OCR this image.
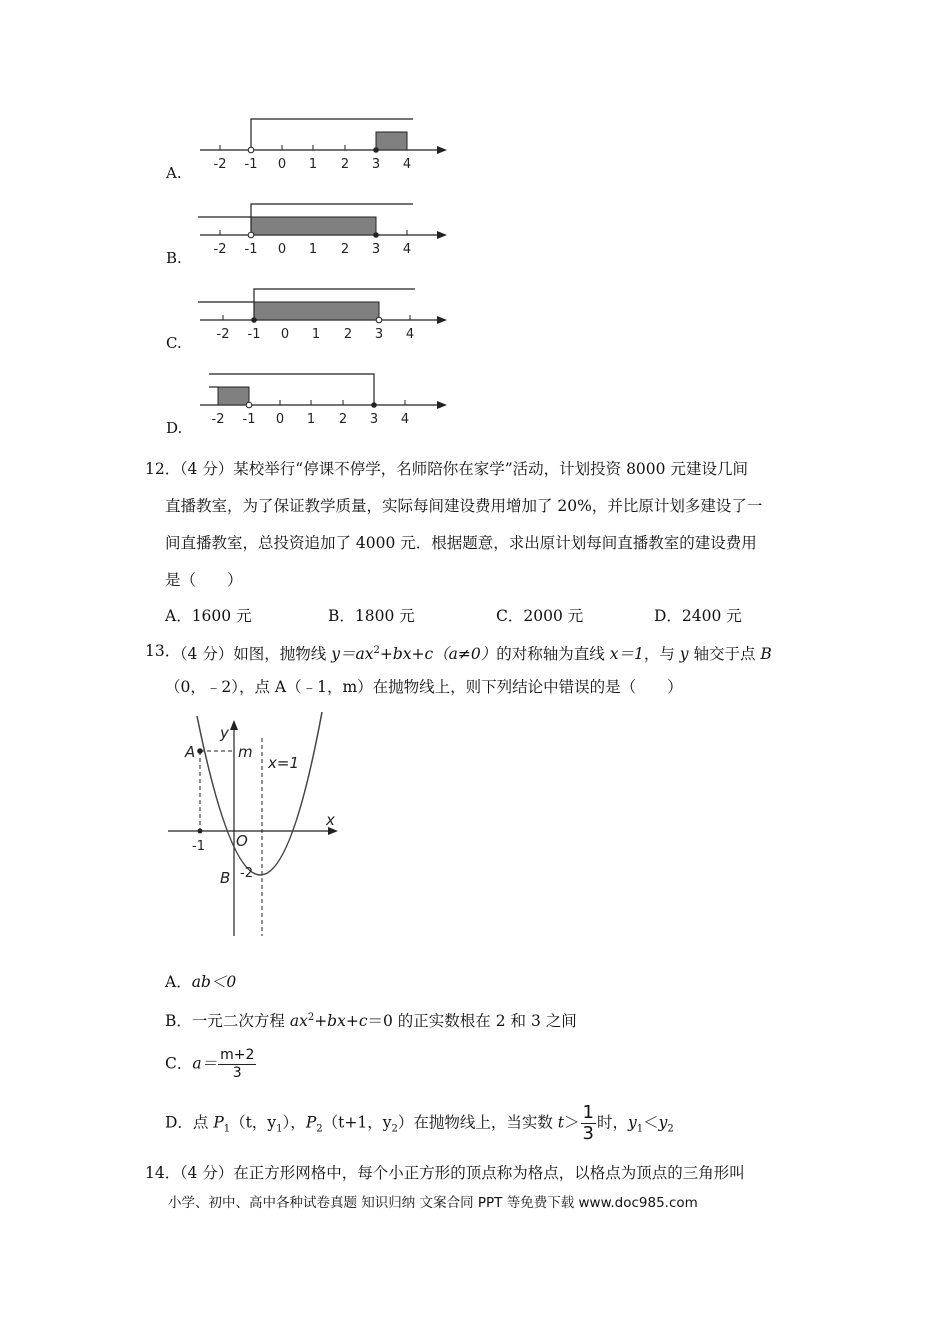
A.
B.
C.
D.
-2 -1 0 1 2 3 4
-2 -1 0 1 2 3 4
-2 -1 0 1 2 3 4
-2 -1 0 1 2 3 4
12．
（4 分）某校举行“停课不停学，名师陪你在家学”活动，计划投资 8000 元建设几间
直播教室，为了保证教学质量，实际每间建设费用增加了 20%，并比原计划多建设了一
间直播教室，总投资追加了 4000 元．根据题意，求出原计划每间直播教室的建设费用
是（　　）
A．1600 元	B．1800 元	C．2000 元	D．2400 元
13．
（4 分）如图，抛物线 $y=ax^2+bx+c(a\ne 0)$的对称轴为直线 x＝1，与 y 轴交于点 B
（0，﹣2），点 A（﹣1，m）在抛物线上，则下列结论中错误的是（　　）
y
x
A	m
x=1
O
B
-1
-2
A．ab＜0
B．一元二次方程 $ax^2+bx+c=0$ 的正实数根在 2 和 3 之间
C．$a= \frac{m+2}{3}$
D．点 $P_1(t$，$y_1$），$P_2(t+1$，$y_2$）在抛物线上，当实数 $t> \frac{1}{3}$ 时，$y_1<y_2$
14．
（4 分）在正方形网格中，每个小正方形的顶点称为格点，以格点为顶点的三角形叫
小学、初中、高中各种试卷真题 知识归纳 文案合同 PPT 等免费下载 www.doc985.com
